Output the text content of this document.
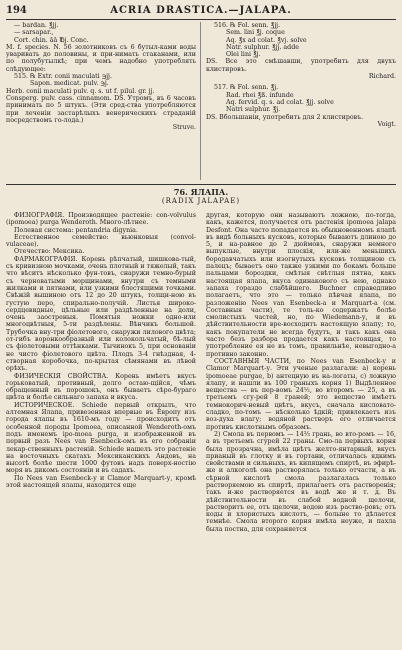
194	ACRIA DRASTICA.—JALAPA.

— bardan. ℥jj.

— sarsapar.,

Cort. chin. āā ℔j. Conc.

M. f. species. N. 56 золотниковъ съ 6 бутыл-ками воды уваривать до половины, и при-нимать стаканами, или по полубутылкѣ; при чемъ надобно употреблять слѣдующее:

515. ℞ Extr. conii maculati ℈jj.

Sapon. medicat. pulv. ℈j.

Herb. conii maculati pulv. q. s. ut f. pilul. gr. jj.

Consperg. pulv. cass. cinnamom. DS. Утромъ, въ 6 часовъ принимать по 5 штукъ. (Эти сред-ства употребляются при леченіи застарѣлыхъ венерическихъ страданій посредствомъ го-лода.)

Struve.

516. ℞ Fol. senn. ℥jj.

Sem. lini ℥j. coque

Aq. ℥x ad colat. ℥vj. solve

Natr. sulphur. ℥jj. adde

Olei lini ℥j.

DS. Все это смѣшавши, употребить для двухъ клистировъ.

Richard.

517. ℞ Fol. senn. ℥j.

Rad. rhei ℥ß. infunde

Aq. fervid. q. s. ad colat. ℥jj. solve

Natri sulphur. ℥j.

DS. Вбольшаніи, употребить для 2 клистировъ.

Voigt.

76. ЯЛАПА.

(RADIX JALAPAE)

ФИЗІОГРАФІЯ. Производящее растеніе: con-volvulus (ipomoea) purga Wenderoth. Много-лѣтнее.

Полевая система: pentandria digynia.

Естественное семейство: вьюнковыя (convol-vulaceae).

Отечество: Мексика.

ФАРМАКОГРАФІЯ. Корень рѣпчатый, шишкова-тый, съ кривизною мочками, очень плотный и тяжелый, такъ что вѣситъ нѣсколько фун-товъ, снаружи темно-бурый съ черноватыми морщинами, внутри съ темными жилками и пятнами, или узкими блестящими точками. Свѣжій вышиною отъ 12 до 20 штукъ, толщи-ною въ густую перо, спирально-получій. Листья широко-сердцевидные, цѣльные или раздѣленные на доли, очень заостреныя. Помятыя ножки одно-или многоцвѣтныя, 5-ти раздѣлены. Вѣнчикъ большой. Трубочка вну-три фіолетового, снаружи лилового цвѣта; от-гибъ воронкообразный или колокольчатый, бѣ-лый съ фіолетовыми оттѣнками. Тычинокъ 5, при основаніи не чисто фіолетового цвѣта. Плодъ 3-4 гнѣздная, 4-створная коробочка, по-крытая сѣмянами въ лѣвой орѣхъ.

ФИЗИЧЕСКІЯ СВОЙСТВА. Корень имѣетъ вкусъ горьковатый, противный, долго остаю-щійся, чѣмъ обращенный въ порошокъ, онъ бываетъ сѣро-бураго цвѣта и болѣе сильнаго запаха и вкуса.

ИСТОРИЧЕСКОЕ. Schiede первый открылъ, что алтемная Ялапа, привезенная впервые въ Европу изъ города ялапы въ 1610-мъ году — происходитъ отъ особенной породы Ipomoea, описанной Wenderoth-омъ подъ именемъ ipo-moea purga, и изображенной въ первый разъ Nees van Esenbeck-омъ въ его собраніи лекар-ственныхъ растеній. Schiede нашелъ это растеніе на восточныхъ скатахъ Мексиканскихъ Андовъ, на высотѣ болѣе шести 1000 футовъ надъ поверх-ностію моря въ дикомъ состояніи и въ садахъ.

По Nees van Esenbeck-у и Clamor Marquart-у, кромѣ этой настоящей ялапы, находится еще

другая, которую они называютъ ложною, по-тогда, какъ, кажется, получается отъ растенія ipomoea jalapa Desfont. Она часто попадается въ обыкновенномъ ялапѣ въ видѣ больныхъ кусковъ, которые бываютъ длиною до 5, и на-равное до 2 дюймовъ, снаружи немного выпуклые, внутри плоскія, или-же меньшихъ бородавчатыхъ или изогнутыхъ кусковъ толщиною съ палецъ; бываетъ оно также узкими по бокамъ больше пальцами бороздки, смѣтыя свѣтлыя пятна, какъ настоящая ялапа, вкуса одинакового съ нею, однако запаха гораздо слабѣйшего. Buchner справедливо полагаетъ, что это — только пѣвчая ялапа, по разложенію Nees van Esenbeck-а и Marquart-а (см. Составныя части), те толь-ко содержатъ болѣе смолистыхъ частей, но, по Wiedemann-у, и въ дѣйствительности вре-восходитъ настоящую ялапу; то, какъ покупатели не всегда будутъ, и такъ какъ она часто безъ разбора продается какъ настоящая, то употребление ея не въ томъ, правильнѣе, невыгодно-а противно законно.

СОСТАВНЫЯ ЧАСТИ, по Nees van Esenbeck-у и Clamor Marquart-у. Эти ученые разлагали: а) корень ipomoeae purgae, b) антецную въ на-логаты, с) ложную ялапу, и нашли въ 100 граныхъ корня 1) Выдѣленное вещества — въ пер-вомъ 24½, во второмъ — 25, а въ третьемъ сгу-рей 8 граней; это вещество имѣетъ темнокорич-невый цвѣтъ, вкусъ, сначала кисловато-сладко, по-томъ — нѣсколько ѣдкій; привлекаетъ изъ воз-духа влагу; водяной растворъ его отличается противъ кислотнымъ образомъ.

2) Смола въ первомъ — 14⅔ грань, во вто-ромъ — 16, а въ третьемъ сгурей 22 граны. Смо-ла первыхъ корня была прозрачна, имѣла цвѣтъ желто-янтарный, вкусъ прианый въ глотку и въ гортани, отличалась ядкимъ свойствами и сильныхъ, въ кипящемъ спиртѣ, въ эфирѣ-же и алкоголѣ она растворялась только отчасти, а въ сѣрной кислотѣ смола разлагалась только растворяемою въ спиртѣ, прилагаетъ отъ растворенія; такъ и-же растворяется въ водѣ же и т. д. Въ дѣйствительности въ слабой водной щелочи, растворитъ ее, отъ щелочи, водою изъ раство-ровъ; отъ коды и хлористыхъ кислотъ, — болыне то дѣлается темнѣе. Смола второго корня имѣла неуже, и пахла была постна, для сохраняется
